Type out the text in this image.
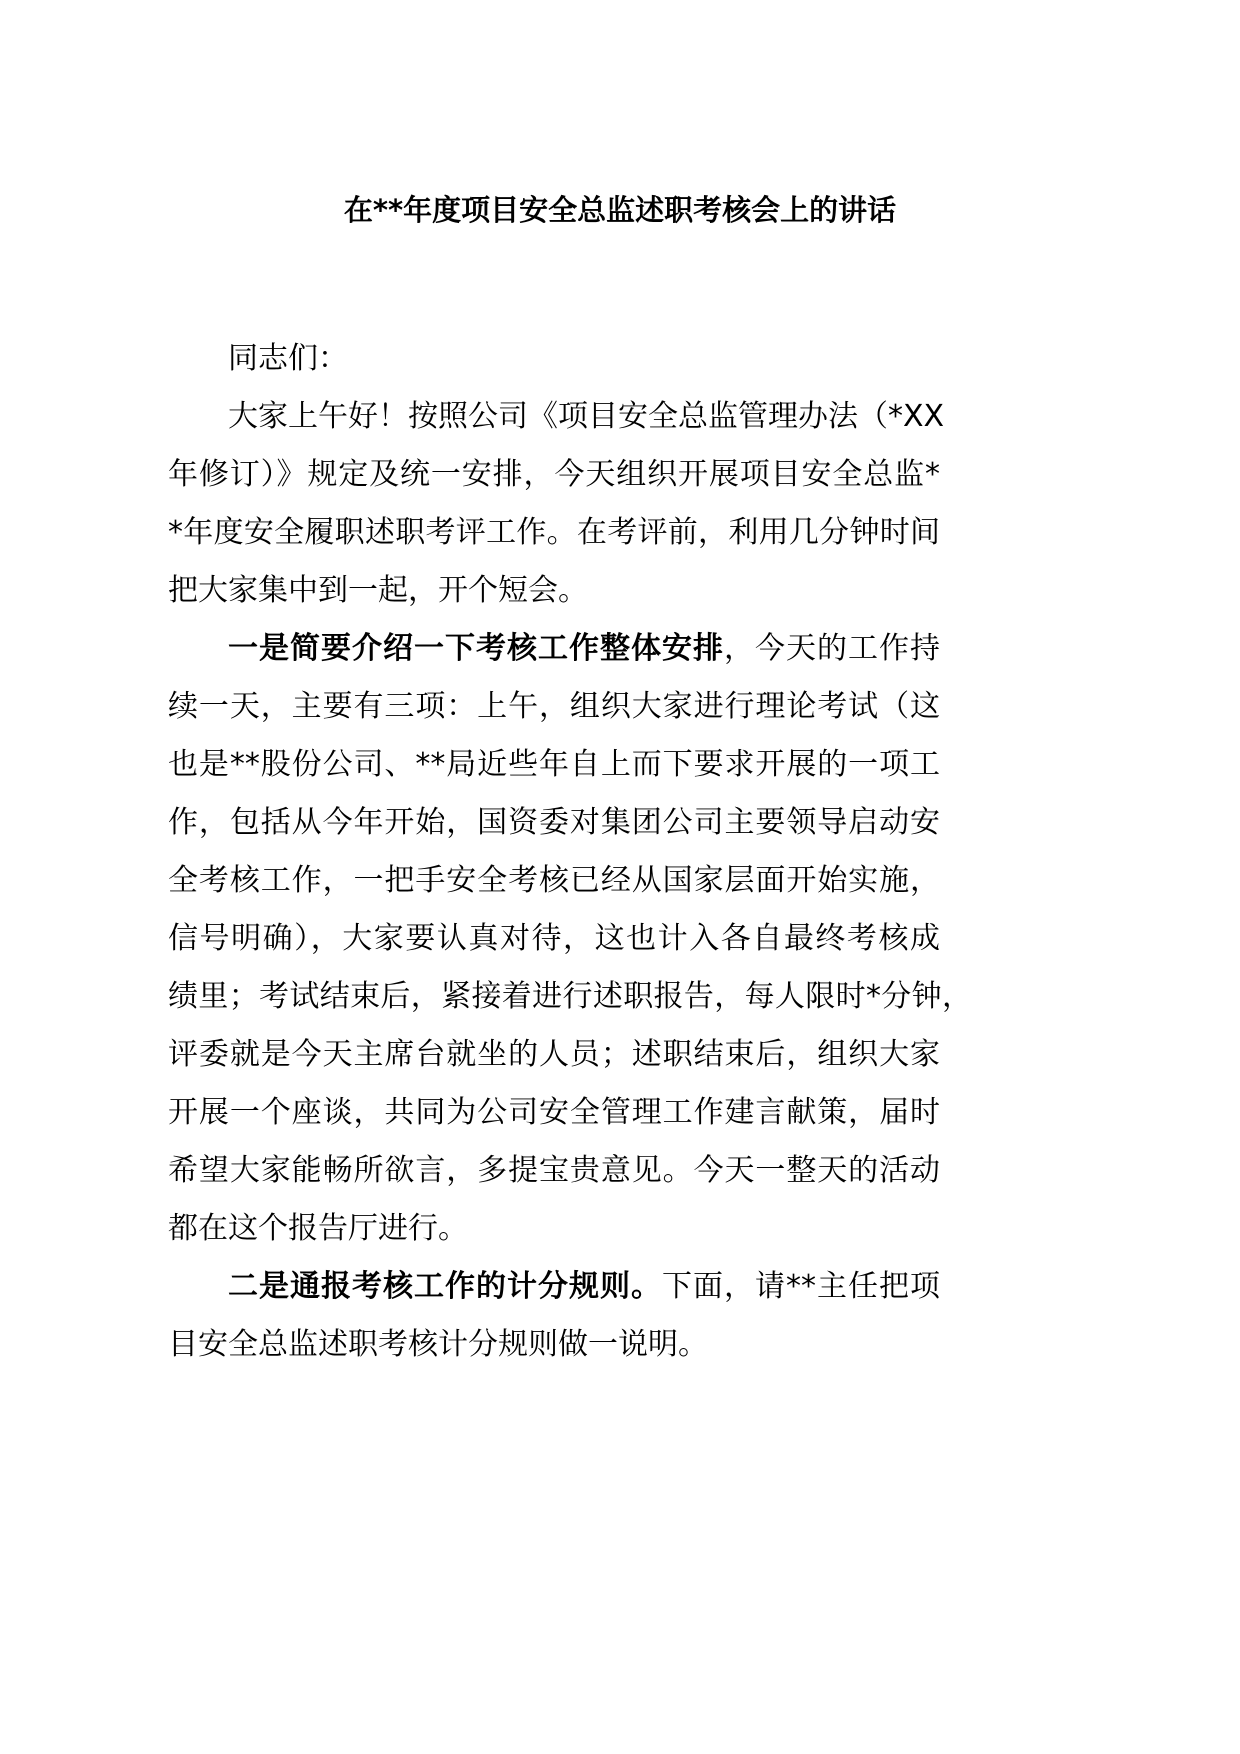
在**年度项目安全总监述职考核会上的讲话
同志们：
大家上午好！按照公司《项目安全总监管理办法（*XX
年修订）》规定及统一安排，今天组织开展项目安全总监*
*年度安全履职述职考评工作。在考评前，利用几分钟时间
把大家集中到一起，开个短会。
一是简要介绍一下考核工作整体安排，今天的工作持
续一天，主要有三项：上午，组织大家进行理论考试（这
也是**股份公司、**局近些年自上而下要求开展的一项工
作，包括从今年开始，国资委对集团公司主要领导启动安
全考核工作，一把手安全考核已经从国家层面开始实施，
信号明确），大家要认真对待，这也计入各自最终考核成
绩里；考试结束后，紧接着进行述职报告，每人限时*分钟，
评委就是今天主席台就坐的人员；述职结束后，组织大家
开展一个座谈，共同为公司安全管理工作建言献策，届时
希望大家能畅所欲言，多提宝贵意见。今天一整天的活动
都在这个报告厅进行。
二是通报考核工作的计分规则。下面，请**主任把项
目安全总监述职考核计分规则做一说明。
